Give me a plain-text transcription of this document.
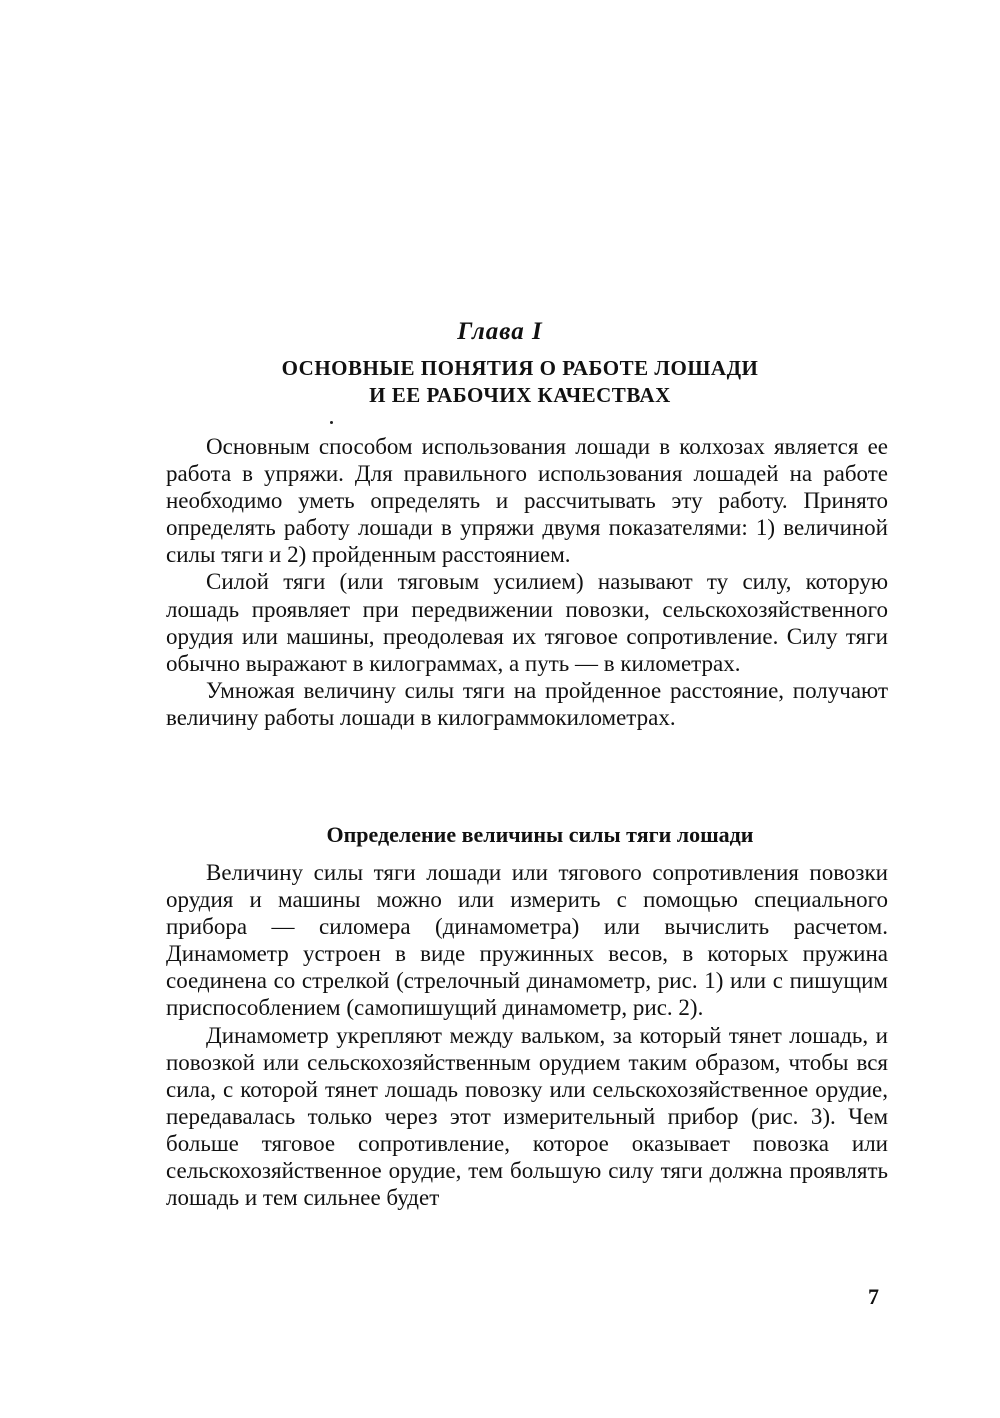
Глава I
ОСНОВНЫЕ ПОНЯТИЯ О РАБОТЕ ЛОШАДИ
И ЕЕ РАБОЧИХ КАЧЕСТВАХ

Основным способом использования лошади в колхозах является ее работа в упряжи. Для правильного использования лошадей на работе необходимо уметь определять и рассчитывать эту работу. Принято определять работу лошади в упряжи двумя показателями: 1) величиной силы тяги и 2) пройденным расстоянием.

Силой тяги (или тяговым усилием) называют ту силу, которую лошадь проявляет при передвижении повозки, сельскохозяйственного орудия или машины, преодолевая их тяговое сопротивление. Силу тяги обычно выражают в килограммах, а путь — в километрах.

Умножая величину силы тяги на пройденное расстояние, получают величину работы лошади в килограммокилометрах.

Определение величины силы тяги лошади

Величину силы тяги лошади или тягового сопротивления повозки орудия и машины можно или измерить с помощью специального прибора — силомера (динамометра) или вычислить расчетом. Динамометр устроен в виде пружинных весов, в которых пружина соединена со стрелкой (стрелочный динамометр, рис. 1) или с пишущим приспособлением (самопишущий динамометр, рис. 2).

Динамометр укрепляют между вальком, за который тянет лошадь, и повозкой или сельскохозяйственным орудием таким образом, чтобы вся сила, с которой тянет лошадь повозку или сельскохозяйственное орудие, передавалась только через этот измерительный прибор (рис. 3). Чем больше тяговое сопротивление, которое оказывает повозка или сельскохозяйственное орудие, тем большую силу тяги должна проявлять лошадь и тем сильнее будет

7
